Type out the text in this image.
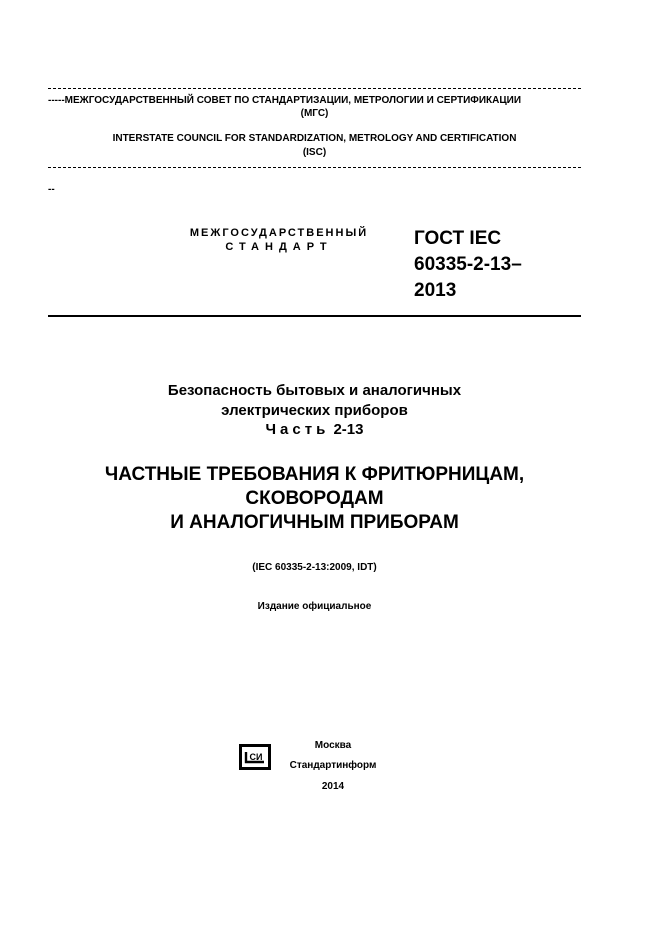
-----МЕЖГОСУДАРСТВЕННЫЙ СОВЕТ ПО СТАНДАРТИЗАЦИИ, МЕТРОЛОГИИ И СЕРТИФИКАЦИИ
(МГС)
INTERSTATE COUNCIL FOR STANDARDIZATION, METROLOGY AND CERTIFICATION
(ISC)
--
МЕЖГОСУДАРСТВЕННЫЙ
СТАНДАРТ	ГОСТ IEC
60335-2-13–
2013
Безопасность бытовых и аналогичных
электрических приборов
Часть 2-13
ЧАСТНЫЕ ТРЕБОВАНИЯ К ФРИТЮРНИЦАМ,
СКОВОРОДАМ
И АНАЛОГИЧНЫМ ПРИБОРАМ
(IEC 60335-2-13:2009, IDT)
Издание официальное
СИ
Москва
Стандартинформ
2014
